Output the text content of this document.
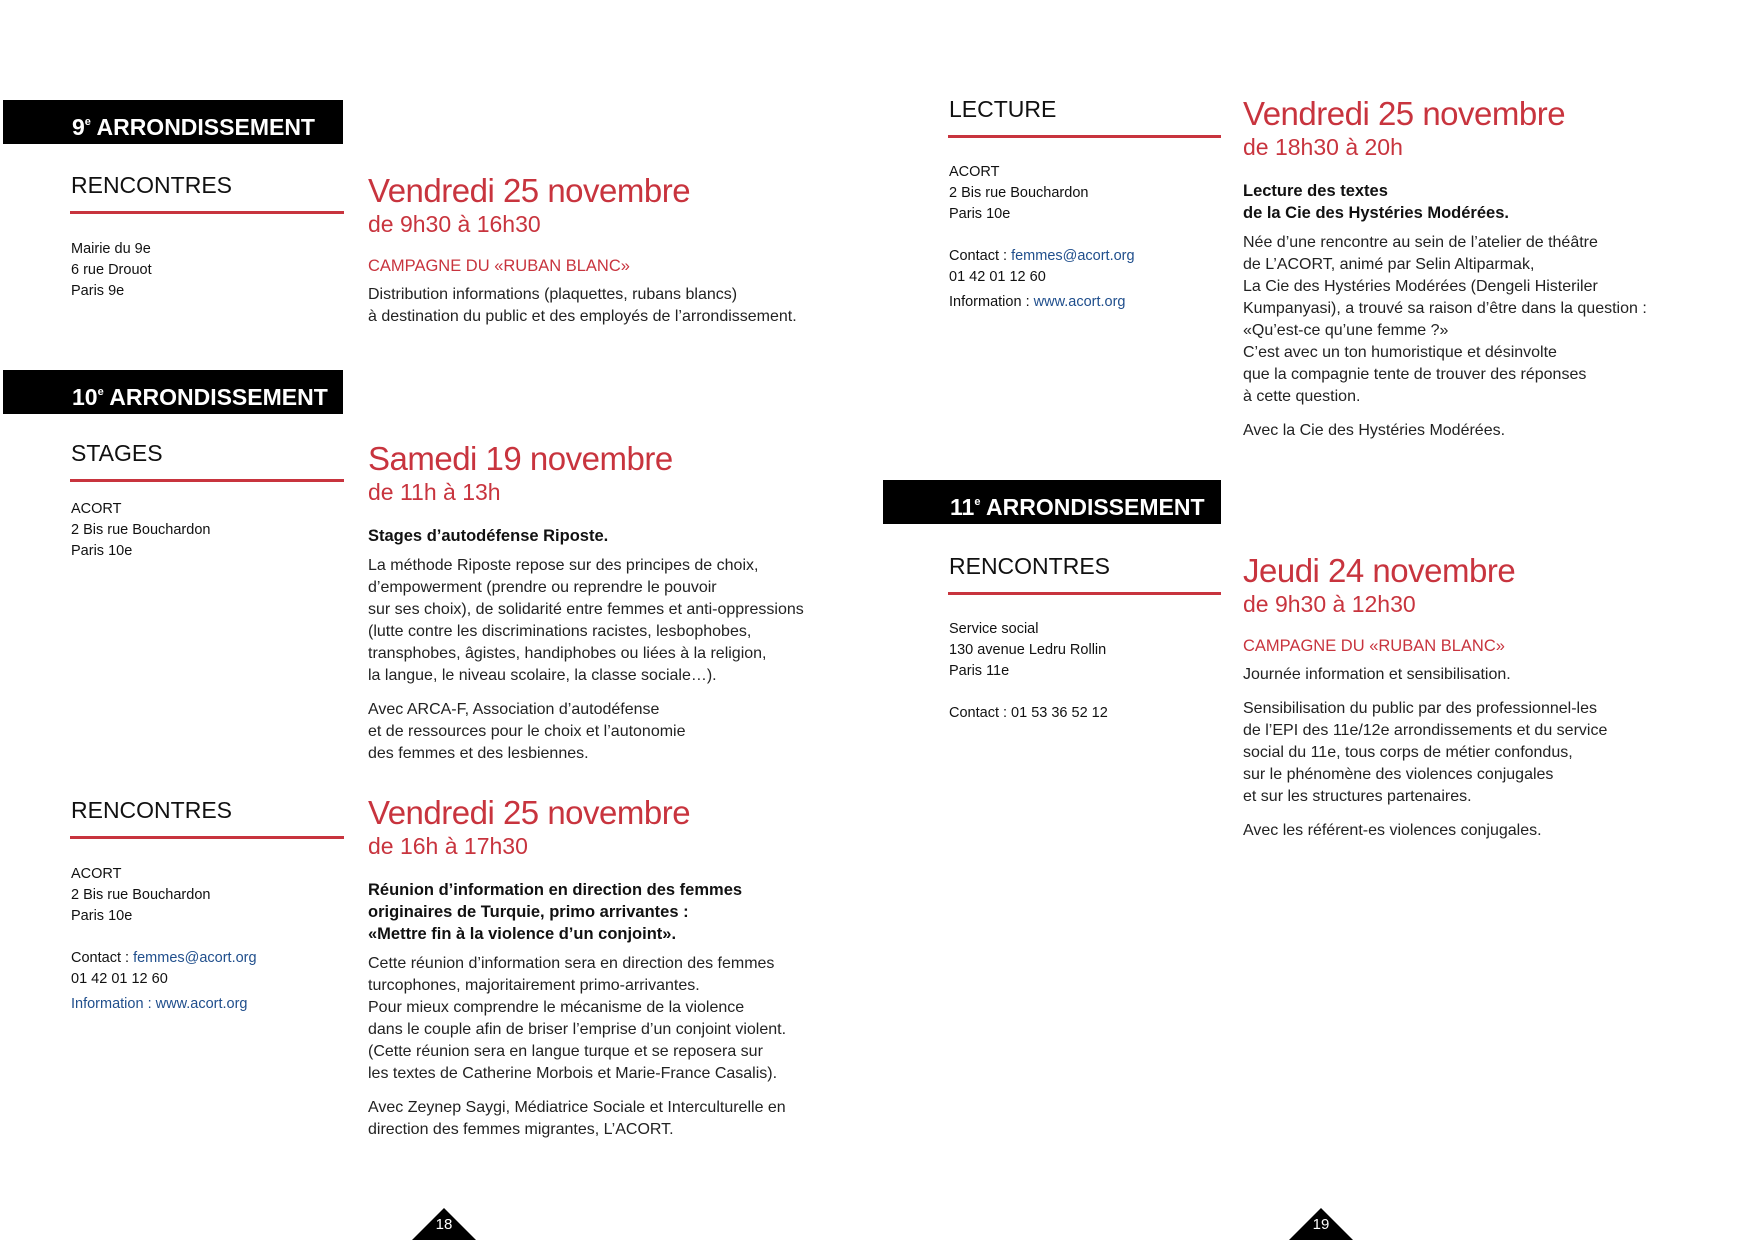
9e ARRONDISSEMENT
RENCONTRES

Mairie du 9e

6 rue Drouot

Paris 9e

Vendredi 25 novembre
de 9h30 à 16h30
CAMPAGNE DU «RUBAN BLANC»

Distribution informations (plaquettes, rubans blancs)

à destination du public et des employés de l’arrondissement.

10e ARRONDISSEMENT
STAGES

ACORT

2 Bis rue Bouchardon

Paris 10e

Samedi 19 novembre
de 11h à 13h
Stages d’autodéfense Riposte.

La méthode Riposte repose sur des principes de choix,

d’empowerment (prendre ou reprendre le pouvoir

sur ses choix), de solidarité entre femmes et anti-oppressions

(lutte contre les discriminations racistes, lesbophobes,

transphobes, âgistes, handiphobes ou liées à la religion,

la langue, le niveau scolaire, la classe sociale…).

Avec ARCA-F, Association d’autodéfense

et de ressources pour le choix et l’autonomie

des femmes et des lesbiennes.

RENCONTRES

ACORT

2 Bis rue Bouchardon

Paris 10e

Contact : femmes@acort.org

01 42 01 12 60

Information : www.acort.org

Vendredi 25 novembre
de 16h à 17h30
Réunion d’information en direction des femmes
originaires de Turquie, primo arrivantes :
«Mettre fin à la violence d’un conjoint».

Cette réunion d’information sera en direction des femmes

turcophones, majoritairement primo-arrivantes.

Pour mieux comprendre le mécanisme de la violence

dans le couple afin de briser l’emprise d’un conjoint violent.

(Cette réunion sera en langue turque et se reposera sur

les textes de Catherine Morbois et Marie-France Casalis).

Avec Zeynep Saygi, Médiatrice Sociale et Interculturelle en

direction des femmes migrantes, L’ACORT.

18
LECTURE

ACORT

2 Bis rue Bouchardon

Paris 10e

Contact : femmes@acort.org

01 42 01 12 60

Information : www.acort.org

Vendredi 25 novembre
de 18h30 à 20h
Lecture des textes
de la Cie des Hystéries Modérées.

Née d’une rencontre au sein de l’atelier de théâtre

de L’ACORT, animé par Selin Altiparmak,

La Cie des Hystéries Modérées (Dengeli Histeriler

Kumpanyasi), a trouvé sa raison d’être dans la question :

«Qu’est-ce qu’une femme ?»

C’est avec un ton humoristique et désinvolte

que la compagnie tente de trouver des réponses

à cette question.

Avec la Cie des Hystéries Modérées.

11e ARRONDISSEMENT
RENCONTRES

Service social

130 avenue Ledru Rollin

Paris 11e

Contact : 01 53 36 52 12

Jeudi 24 novembre
de 9h30 à 12h30
CAMPAGNE DU «RUBAN BLANC»

Journée information et sensibilisation.

Sensibilisation du public par des professionnel-les

de l’EPI des 11e/12e arrondissements et du service

social du 11e, tous corps de métier confondus,

sur le phénomène des violences conjugales

et sur les structures partenaires.

Avec les référent-es violences conjugales.

19
